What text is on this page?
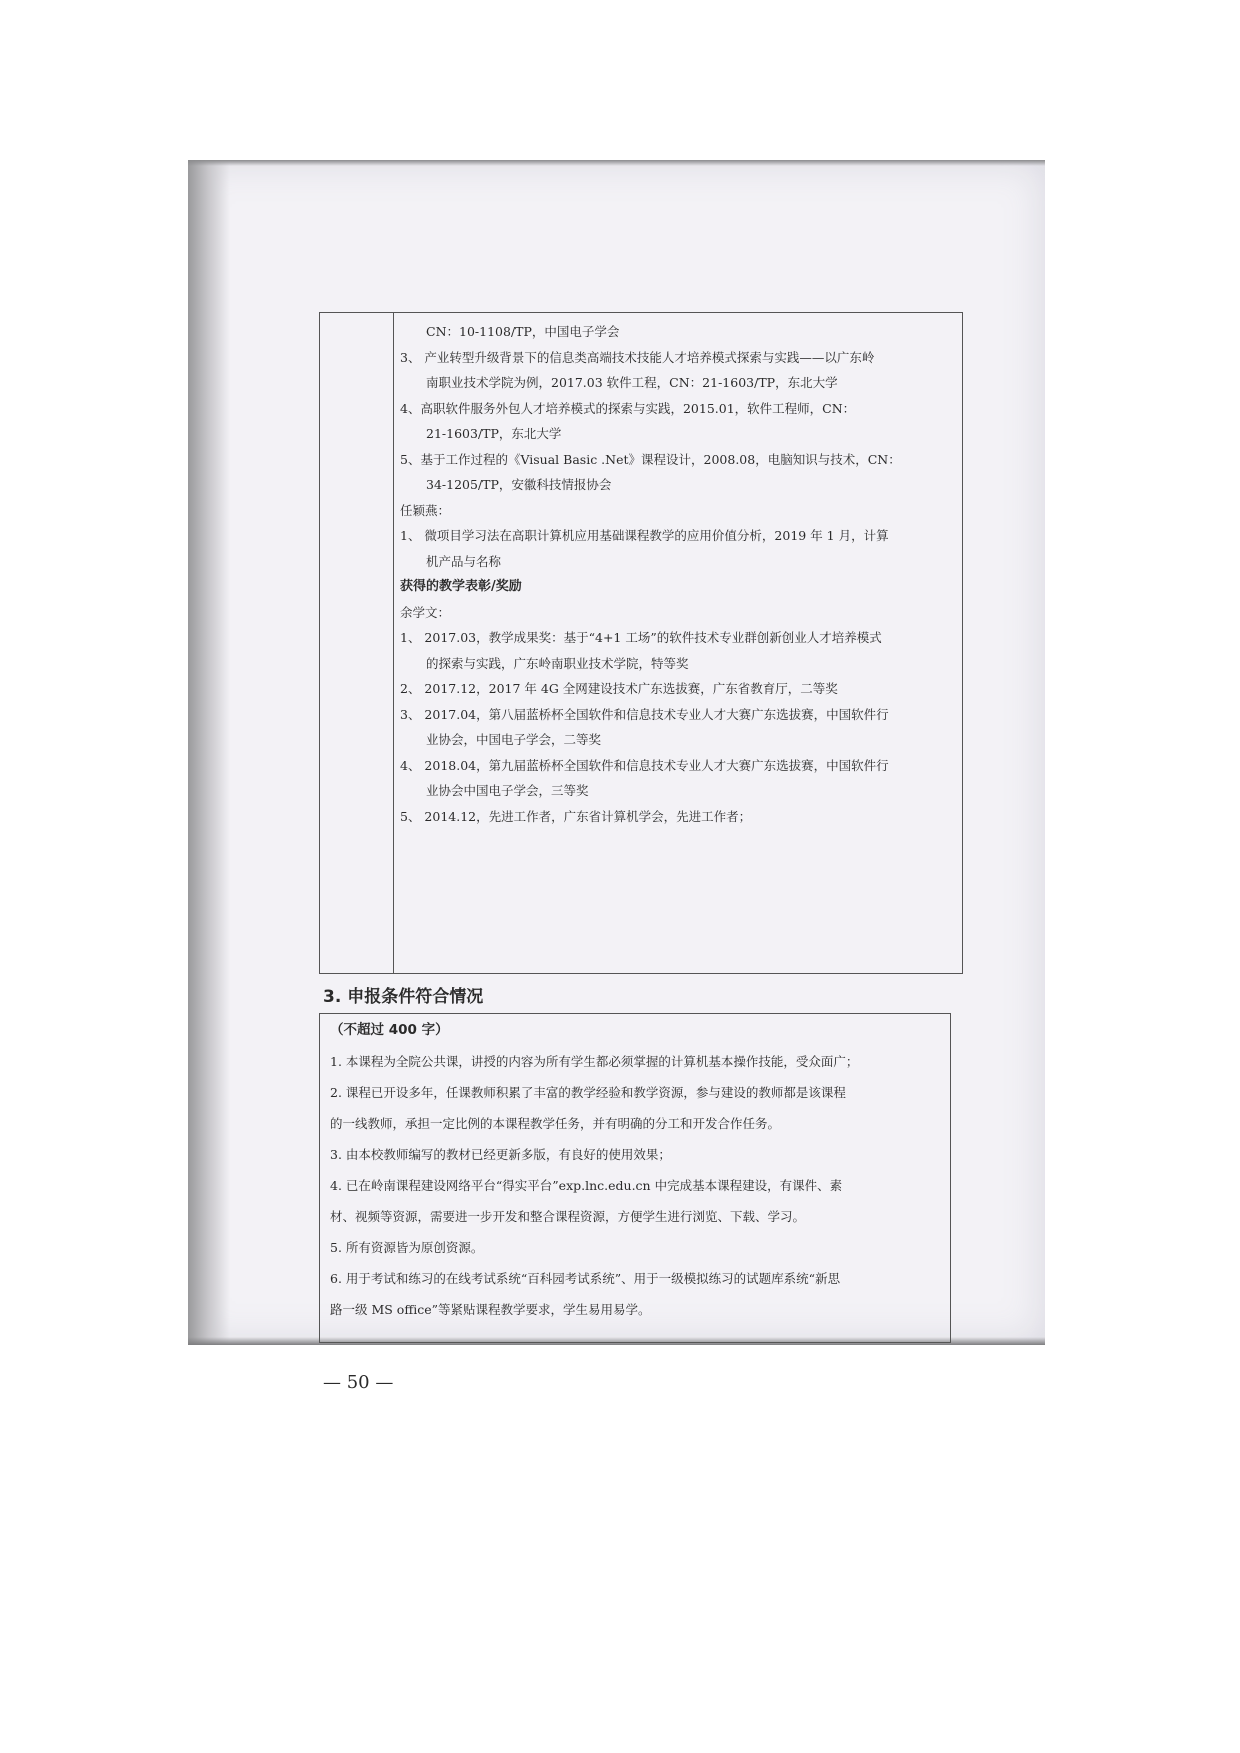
CN：10-1108/TP，中国电子学会
3、 产业转型升级背景下的信息类高端技术技能人才培养模式探索与实践——以广东岭
南职业技术学院为例，2017.03 软件工程，CN：21-1603/TP，东北大学
4、高职软件服务外包人才培养模式的探索与实践，2015.01，软件工程师，CN：
21-1603/TP，东北大学
5、基于工作过程的《Visual Basic .Net》课程设计，2008.08，电脑知识与技术，CN：
34-1205/TP，安徽科技情报协会
任颖燕：
1、 微项目学习法在高职计算机应用基础课程教学的应用价值分析，2019 年 1 月，计算
机产品与名称
获得的教学表彰/奖励
余学文：
1、 2017.03，教学成果奖：基于“4+1 工场”的软件技术专业群创新创业人才培养模式
的探索与实践，广东岭南职业技术学院，特等奖
2、 2017.12，2017 年 4G 全网建设技术广东选拔赛，广东省教育厅，二等奖
3、 2017.04，第八届蓝桥杯全国软件和信息技术专业人才大赛广东选拔赛，中国软件行
业协会，中国电子学会，二等奖
4、 2018.04，第九届蓝桥杯全国软件和信息技术专业人才大赛广东选拔赛，中国软件行
业协会中国电子学会，三等奖
5、 2014.12，先进工作者，广东省计算机学会，先进工作者；
3. 申报条件符合情况
（不超过 400 字）
1. 本课程为全院公共课，讲授的内容为所有学生都必须掌握的计算机基本操作技能，受众面广；
2. 课程已开设多年，任课教师积累了丰富的教学经验和教学资源，参与建设的教师都是该课程
的一线教师，承担一定比例的本课程教学任务，并有明确的分工和开发合作任务。
3. 由本校教师编写的教材已经更新多版，有良好的使用效果；
4. 已在岭南课程建设网络平台“得实平台”exp.lnc.edu.cn 中完成基本课程建设，有课件、素
材、视频等资源，需要进一步开发和整合课程资源，方便学生进行浏览、下载、学习。
5. 所有资源皆为原创资源。
6. 用于考试和练习的在线考试系统“百科园考试系统”、用于一级模拟练习的试题库系统“新思
路一级 MS office”等紧贴课程教学要求，学生易用易学。
— 50 —
